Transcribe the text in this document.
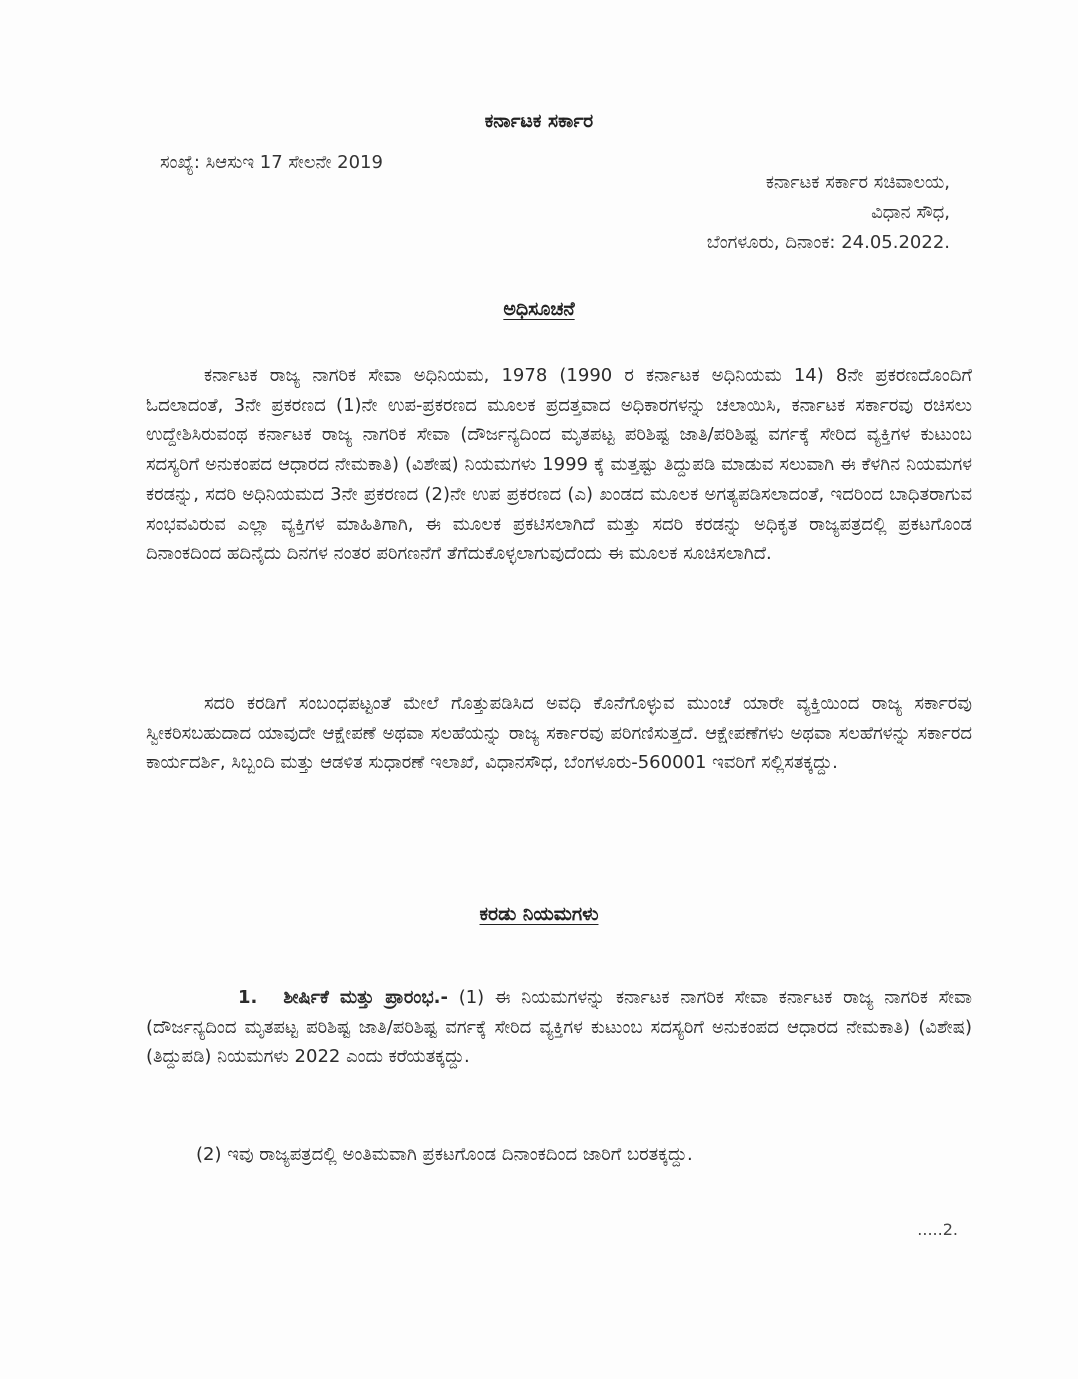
ಕರ್ನಾಟಕ ಸರ್ಕಾರ
ಸಂಖ್ಯೆ: ಸಿಆಸುಇ 17 ಸೇಲನೇ 2019
ಕರ್ನಾಟಕ ಸರ್ಕಾರ ಸಚಿವಾಲಯ,
ವಿಧಾನ ಸೌಧ,
ಬೆಂಗಳೂರು, ದಿನಾಂಕ: 24.05.2022.
ಅಧಿಸೂಚನೆ

ಕರ್ನಾಟಕ ರಾಜ್ಯ ನಾಗರಿಕ ಸೇವಾ ಅಧಿನಿಯಮ, 1978 (1990 ರ ಕರ್ನಾಟಕ ಅಧಿನಿಯಮ 14) 8ನೇ ಪ್ರಕರಣದೊಂದಿಗೆ ಓದಲಾದಂತೆ, 3ನೇ ಪ್ರಕರಣದ (1)ನೇ ಉಪ-ಪ್ರಕರಣದ ಮೂಲಕ ಪ್ರದತ್ತವಾದ ಅಧಿಕಾರಗಳನ್ನು ಚಲಾಯಿಸಿ, ಕರ್ನಾಟಕ ಸರ್ಕಾರವು ರಚಿಸಲು ಉದ್ದೇಶಿಸಿರುವಂಥ ಕರ್ನಾಟಕ ರಾಜ್ಯ ನಾಗರಿಕ ಸೇವಾ (ದೌರ್ಜನ್ಯದಿಂದ ಮೃತಪಟ್ಟ ಪರಿಶಿಷ್ಟ ಜಾತಿ/ಪರಿಶಿಷ್ಟ ವರ್ಗಕ್ಕೆ ಸೇರಿದ ವ್ಯಕ್ತಿಗಳ ಕುಟುಂಬ ಸದಸ್ಯರಿಗೆ ಅನುಕಂಪದ ಆಧಾರದ ನೇಮಕಾತಿ) (ವಿಶೇಷ) ನಿಯಮಗಳು 1999 ಕ್ಕೆ ಮತ್ತಷ್ಟು ತಿದ್ದುಪಡಿ ಮಾಡುವ ಸಲುವಾಗಿ ಈ ಕೆಳಗಿನ ನಿಯಮಗಳ ಕರಡನ್ನು, ಸದರಿ ಅಧಿನಿಯಮದ 3ನೇ ಪ್ರಕರಣದ (2)ನೇ ಉಪ ಪ್ರಕರಣದ (ಎ) ಖಂಡದ ಮೂಲಕ ಅಗತ್ಯಪಡಿಸಲಾದಂತೆ, ಇದರಿಂದ ಬಾಧಿತರಾಗುವ ಸಂಭವವಿರುವ ಎಲ್ಲಾ ವ್ಯಕ್ತಿಗಳ ಮಾಹಿತಿಗಾಗಿ, ಈ ಮೂಲಕ ಪ್ರಕಟಿಸಲಾಗಿದೆ ಮತ್ತು ಸದರಿ ಕರಡನ್ನು ಅಧಿಕೃತ ರಾಜ್ಯಪತ್ರದಲ್ಲಿ ಪ್ರಕಟಗೊಂಡ ದಿನಾಂಕದಿಂದ ಹದಿನೈದು ದಿನಗಳ ನಂತರ ಪರಿಗಣನೆಗೆ ತೆಗೆದುಕೊಳ್ಳಲಾಗುವುದೆಂದು ಈ ಮೂಲಕ ಸೂಚಿಸಲಾಗಿದೆ.

ಸದರಿ ಕರಡಿಗೆ ಸಂಬಂಧಪಟ್ಟಂತೆ ಮೇಲೆ ಗೊತ್ತುಪಡಿಸಿದ ಅವಧಿ ಕೊನೆಗೊಳ್ಳುವ ಮುಂಚೆ ಯಾರೇ ವ್ಯಕ್ತಿಯಿಂದ ರಾಜ್ಯ ಸರ್ಕಾರವು ಸ್ವೀಕರಿಸಬಹುದಾದ ಯಾವುದೇ ಆಕ್ಷೇಪಣೆ ಅಥವಾ ಸಲಹೆಯನ್ನು ರಾಜ್ಯ ಸರ್ಕಾರವು ಪರಿಗಣಿಸುತ್ತದೆ. ಆಕ್ಷೇಪಣೆಗಳು ಅಥವಾ ಸಲಹೆಗಳನ್ನು ಸರ್ಕಾರದ ಕಾರ್ಯದರ್ಶಿ, ಸಿಬ್ಬಂದಿ ಮತ್ತು ಆಡಳಿತ ಸುಧಾರಣೆ ಇಲಾಖೆ, ವಿಧಾನಸೌಧ, ಬೆಂಗಳೂರು-560001 ಇವರಿಗೆ ಸಲ್ಲಿಸತಕ್ಕದ್ದು.

ಕರಡು ನಿಯಮಗಳು

1. ಶೀರ್ಷಿಕೆ ಮತ್ತು ಪ್ರಾರಂಭ.- (1) ಈ ನಿಯಮಗಳನ್ನು ಕರ್ನಾಟಕ ನಾಗರಿಕ ಸೇವಾ ಕರ್ನಾಟಕ ರಾಜ್ಯ ನಾಗರಿಕ ಸೇವಾ (ದೌರ್ಜನ್ಯದಿಂದ ಮೃತಪಟ್ಟ ಪರಿಶಿಷ್ಟ ಜಾತಿ/ಪರಿಶಿಷ್ಟ ವರ್ಗಕ್ಕೆ ಸೇರಿದ ವ್ಯಕ್ತಿಗಳ ಕುಟುಂಬ ಸದಸ್ಯರಿಗೆ ಅನುಕಂಪದ ಆಧಾರದ ನೇಮಕಾತಿ) (ವಿಶೇಷ) (ತಿದ್ದುಪಡಿ) ನಿಯಮಗಳು 2022 ಎಂದು ಕರೆಯತಕ್ಕದ್ದು.

(2) ಇವು ರಾಜ್ಯಪತ್ರದಲ್ಲಿ ಅಂತಿಮವಾಗಿ ಪ್ರಕಟಗೊಂಡ ದಿನಾಂಕದಿಂದ ಜಾರಿಗೆ ಬರತಕ್ಕದ್ದು.

.....2.
